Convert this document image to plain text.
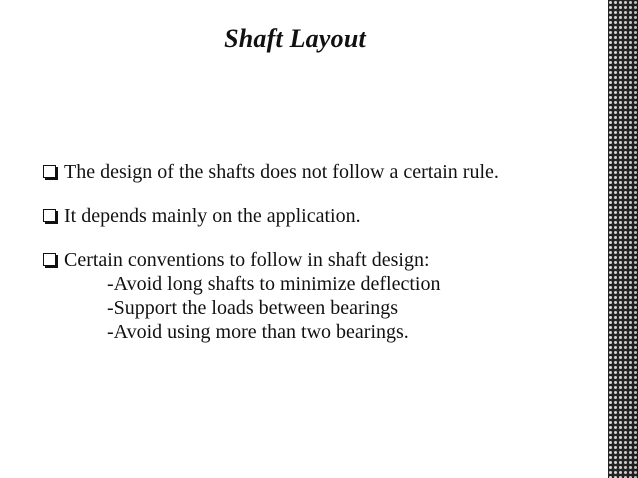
Shaft Layout
The design of the shafts does not follow a certain rule.
It depends mainly on the application.
Certain conventions to follow in shaft design:
-Avoid long shafts to minimize deflection
-Support the loads between bearings
-Avoid using more than two bearings.
